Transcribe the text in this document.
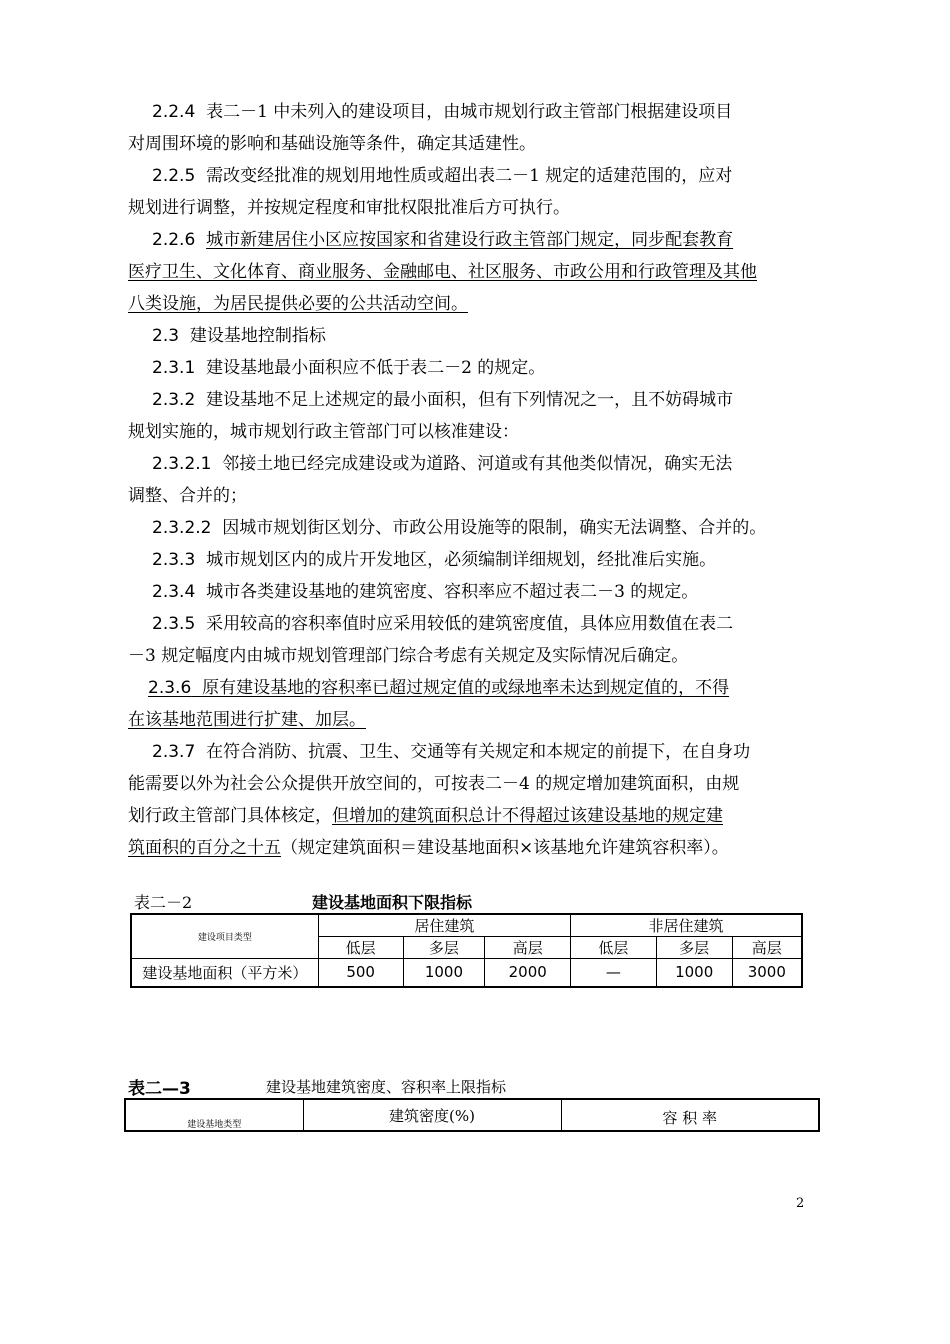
2.2.4 表二－1 中未列入的建设项目，由城市规划行政主管部门根据建设项目
对周围环境的影响和基础设施等条件，确定其适建性。
2.2.5 需改变经批准的规划用地性质或超出表二－1 规定的适建范围的，应对
规划进行调整，并按规定程度和审批权限批准后方可执行。
2.2.6 城市新建居住小区应按国家和省建设行政主管部门规定，同步配套教育
医疗卫生、文化体育、商业服务、金融邮电、社区服务、市政公用和行政管理及其他
八类设施，为居民提供必要的公共活动空间。
2.3 建设基地控制指标
2.3.1 建设基地最小面积应不低于表二－2 的规定。
2.3.2 建设基地不足上述规定的最小面积，但有下列情况之一，且不妨碍城市
规划实施的，城市规划行政主管部门可以核准建设：
2.3.2.1 邻接土地已经完成建设或为道路、河道或有其他类似情况，确实无法
调整、合并的；
2.3.2.2 因城市规划街区划分、市政公用设施等的限制，确实无法调整、合并的。
2.3.3 城市规划区内的成片开发地区，必须编制详细规划，经批准后实施。
2.3.4 城市各类建设基地的建筑密度、容积率应不超过表二－3 的规定。
2.3.5 采用较高的容积率值时应采用较低的建筑密度值，具体应用数值在表二
－3 规定幅度内由城市规划管理部门综合考虑有关规定及实际情况后确定。
2.3.6 原有建设基地的容积率已超过规定值的或绿地率未达到规定值的，不得
在该基地范围进行扩建、加层。
2.3.7 在符合消防、抗震、卫生、交通等有关规定和本规定的前提下，在自身功
能需要以外为社会公众提供开放空间的，可按表二－4 的规定增加建筑面积，由规
划行政主管部门具体核定，但增加的建筑面积总计不得超过该建设基地的规定建
筑面积的百分之十五（规定建筑面积＝建设基地面积×该基地允许建筑容积率）。
表二－2	建设基地面积下限指标
建设项目类型	居住建筑			非居住建筑		
	低层	多层	高层	低层	多层	高层
建设基地面积（平方米）	500	1000	2000	—	1000	3000
表二—3	建设基地建筑密度、容积率上限指标
建设基地类型	建筑密度(%)	容 积 率
2
